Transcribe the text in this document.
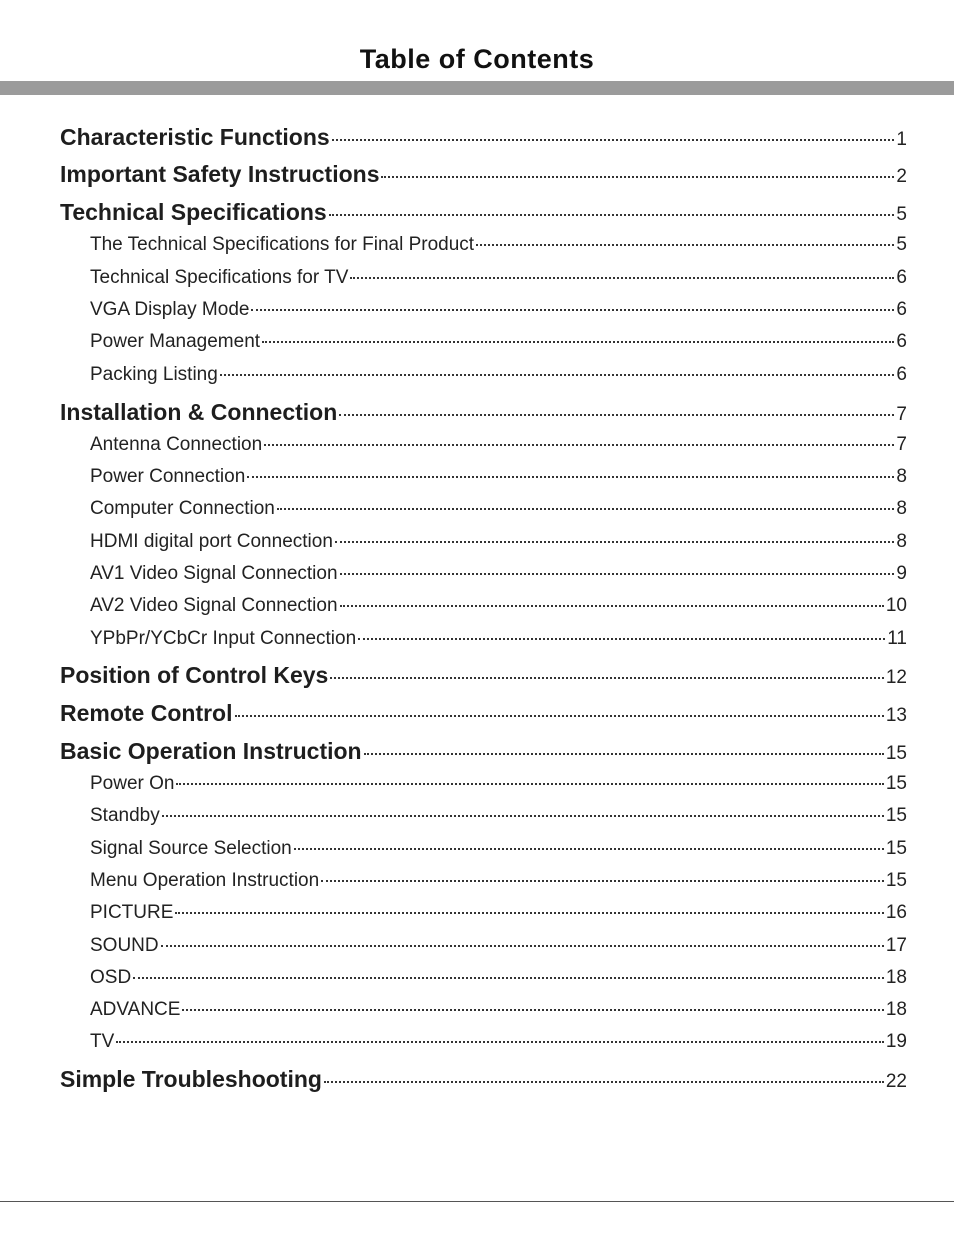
Table of Contents
Characteristic Functions	1
Important Safety Instructions	2
Technical Specifications	5
The Technical Specifications for Final Product	5
Technical Specifications for TV	6
VGA Display Mode	6
Power Management	6
Packing Listing	6
Installation & Connection	7
Antenna Connection	7
Power Connection	8
Computer Connection	8
HDMI digital port Connection	8
AV1 Video Signal Connection	9
AV2 Video Signal Connection	10
YPbPr/YCbCr Input Connection	11
Position of Control Keys	12
Remote Control	13
Basic Operation Instruction	15
Power On	15
Standby	15
Signal Source Selection	15
Menu Operation Instruction	15
PICTURE	16
SOUND	17
OSD	18
ADVANCE	18
TV	19
Simple Troubleshooting	22
